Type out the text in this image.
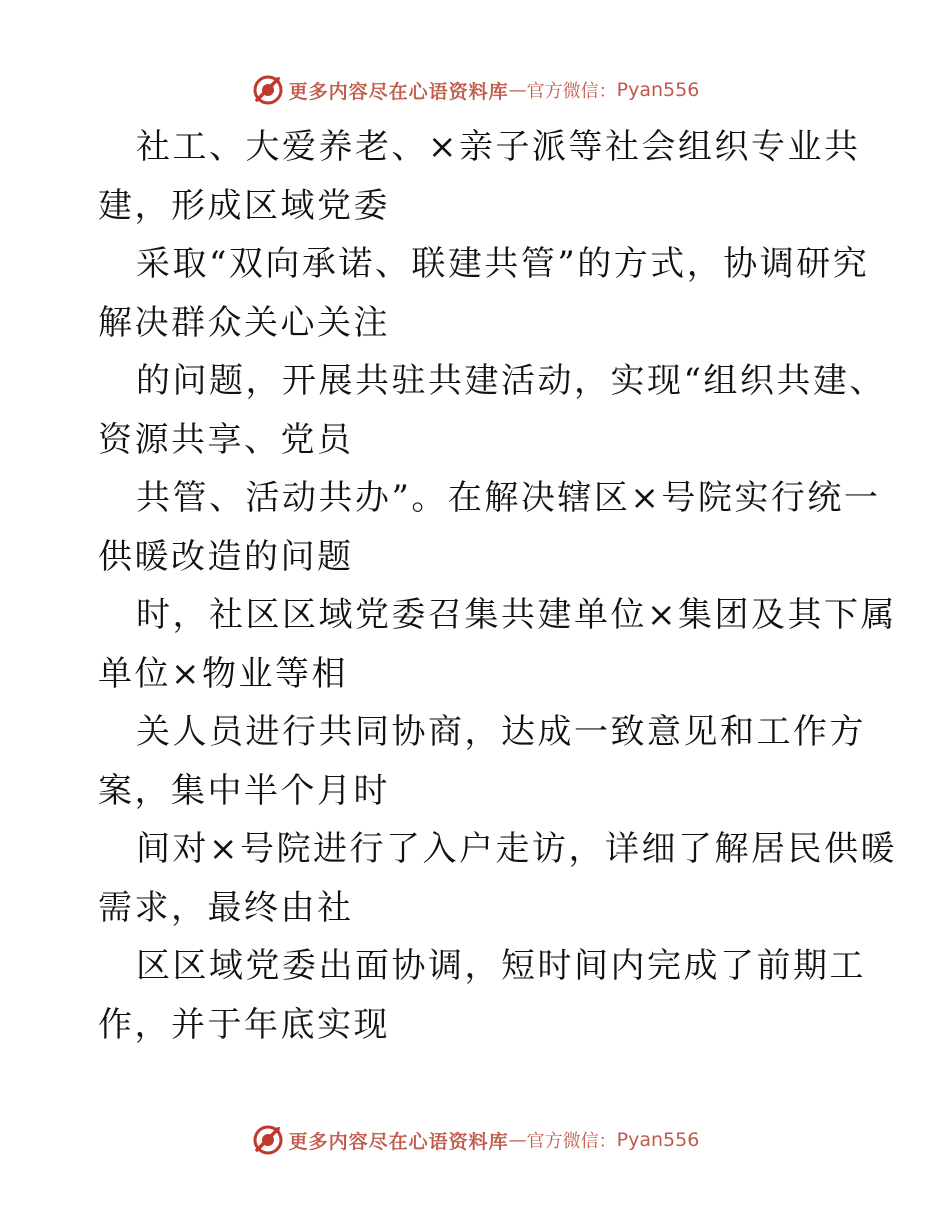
更多内容尽在心语资料库 — 官方微信： Pyan556
社工、大爱养老、×亲子派等社会组织专业共
建，形成区域党委
采取“双向承诺、联建共管”的方式，协调研究
解决群众关心关注
的问题，开展共驻共建活动，实现“组织共建、
资源共享、党员
共管、活动共办”。在解决辖区×号院实行统一
供暖改造的问题
时，社区区域党委召集共建单位×集团及其下属
单位×物业等相
关人员进行共同协商，达成一致意见和工作方
案，集中半个月时
间对×号院进行了入户走访，详细了解居民供暖
需求，最终由社
区区域党委出面协调，短时间内完成了前期工
作，并于年底实现
更多内容尽在心语资料库 — 官方微信： Pyan556
